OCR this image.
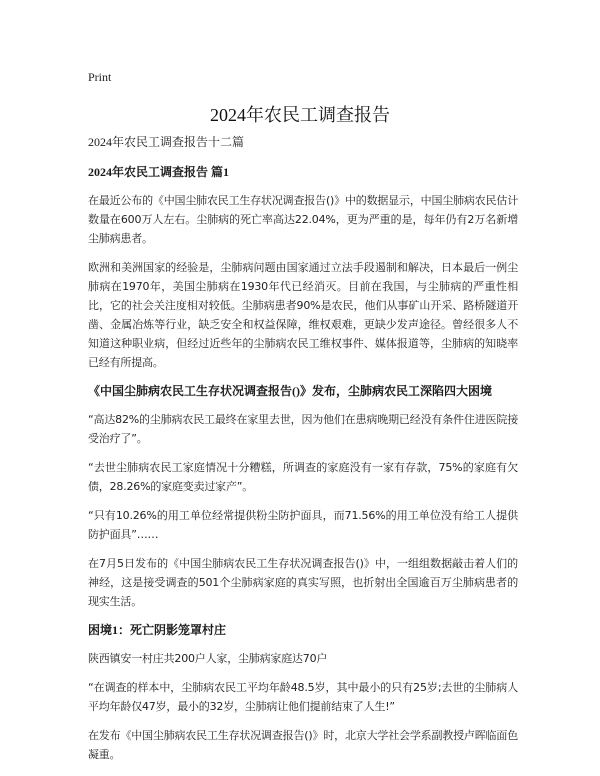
Print
2024年农民工调查报告
2024年农民工调查报告十二篇
2024年农民工调查报告 篇1

在最近公布的《中国尘肺农民工生存状况调查报告()》中的数据显示，中国尘肺病农民估计数量在600万人左右。尘肺病的死亡率高达22.04%，更为严重的是，每年仍有2万名新增尘肺病患者。

欧洲和美洲国家的经验是，尘肺病问题由国家通过立法手段遏制和解决，日本最后一例尘肺病在1970年，美国尘肺病在1930年代已经消灭。目前在我国，与尘肺病的严重性相比，它的社会关注度相对较低。尘肺病患者90%是农民，他们从事矿山开采、路桥隧道开凿、金属冶炼等行业，缺乏安全和权益保障，维权艰难，更缺少发声途径。曾经很多人不知道这种职业病，但经过近些年的尘肺病农民工维权事件、媒体报道等，尘肺病的知晓率已经有所提高。

《中国尘肺病农民工生存状况调查报告()》发布，尘肺病农民工深陷四大困境

“高达82%的尘肺病农民工最终在家里去世，因为他们在患病晚期已经没有条件住进医院接受治疗了”。

“去世尘肺病农民工家庭情况十分糟糕，所调查的家庭没有一家有存款，75%的家庭有欠债，28.26%的家庭变卖过家产”。

“只有10.26%的用工单位经常提供粉尘防护面具，而71.56%的用工单位没有给工人提供防护面具”……

在7月5日发布的《中国尘肺病农民工生存状况调查报告()》中，一组组数据敲击着人们的神经，这是接受调查的501个尘肺病家庭的真实写照，也折射出全国逾百万尘肺病患者的现实生活。

困境1：死亡阴影笼罩村庄

陕西镇安一村庄共200户人家，尘肺病家庭达70户

“在调查的样本中，尘肺病农民工平均年龄48.5岁，其中最小的只有25岁;去世的尘肺病人平均年龄仅47岁，最小的32岁，尘肺病让他们提前结束了人生!”

在发布《中国尘肺病农民工生存状况调查报告()》时，北京大学社会学系副教授卢晖临面色凝重。
